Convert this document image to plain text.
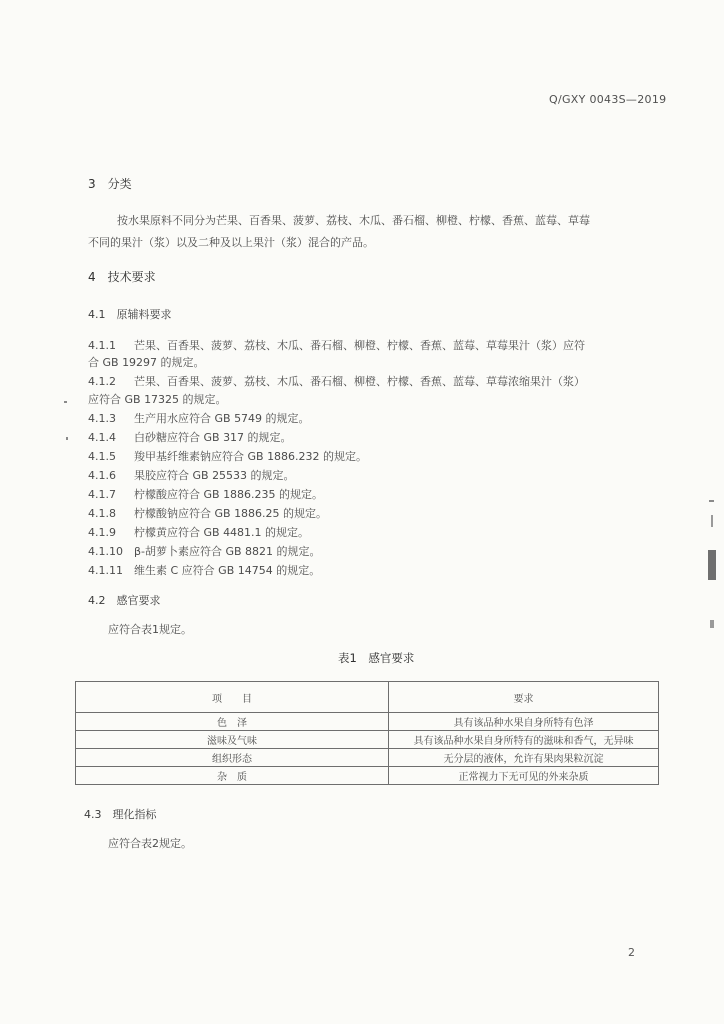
Q/GXY 0043S—2019
3　分类
按水果原料不同分为芒果、百香果、菠萝、荔枝、木瓜、番石榴、柳橙、柠檬、香蕉、蓝莓、草莓
不同的果汁（浆）以及二种及以上果汁（浆）混合的产品。
4　技术要求
4.1　原辅料要求
4.1.1 芒果、百香果、菠萝、荔枝、木瓜、番石榴、柳橙、柠檬、香蕉、蓝莓、草莓果汁（浆）应符
合 GB 19297 的规定。
4.1.2 芒果、百香果、菠萝、荔枝、木瓜、番石榴、柳橙、柠檬、香蕉、蓝莓、草莓浓缩果汁（浆）
应符合 GB 17325 的规定。
4.1.3 生产用水应符合 GB 5749 的规定。
4.1.4 白砂糖应符合 GB 317 的规定。
4.1.5 羧甲基纤维素钠应符合 GB 1886.232 的规定。
4.1.6 果胶应符合 GB 25533 的规定。
4.1.7 柠檬酸应符合 GB 1886.235 的规定。
4.1.8 柠檬酸钠应符合 GB 1886.25 的规定。
4.1.9 柠檬黄应符合 GB 4481.1 的规定。
4.1.10 β-胡萝卜素应符合 GB 8821 的规定。
4.1.11 维生素 C 应符合 GB 14754 的规定。
4.2　感官要求
应符合表1规定。
表1　感官要求
项　　目	要求
色　泽	具有该品种水果自身所特有色泽
滋味及气味	具有该品种水果自身所特有的滋味和香气，无异味
组织形态	无分层的液体，允许有果肉果粒沉淀
杂　质	正常视力下无可见的外来杂质
4.3　理化指标
应符合表2规定。
2
